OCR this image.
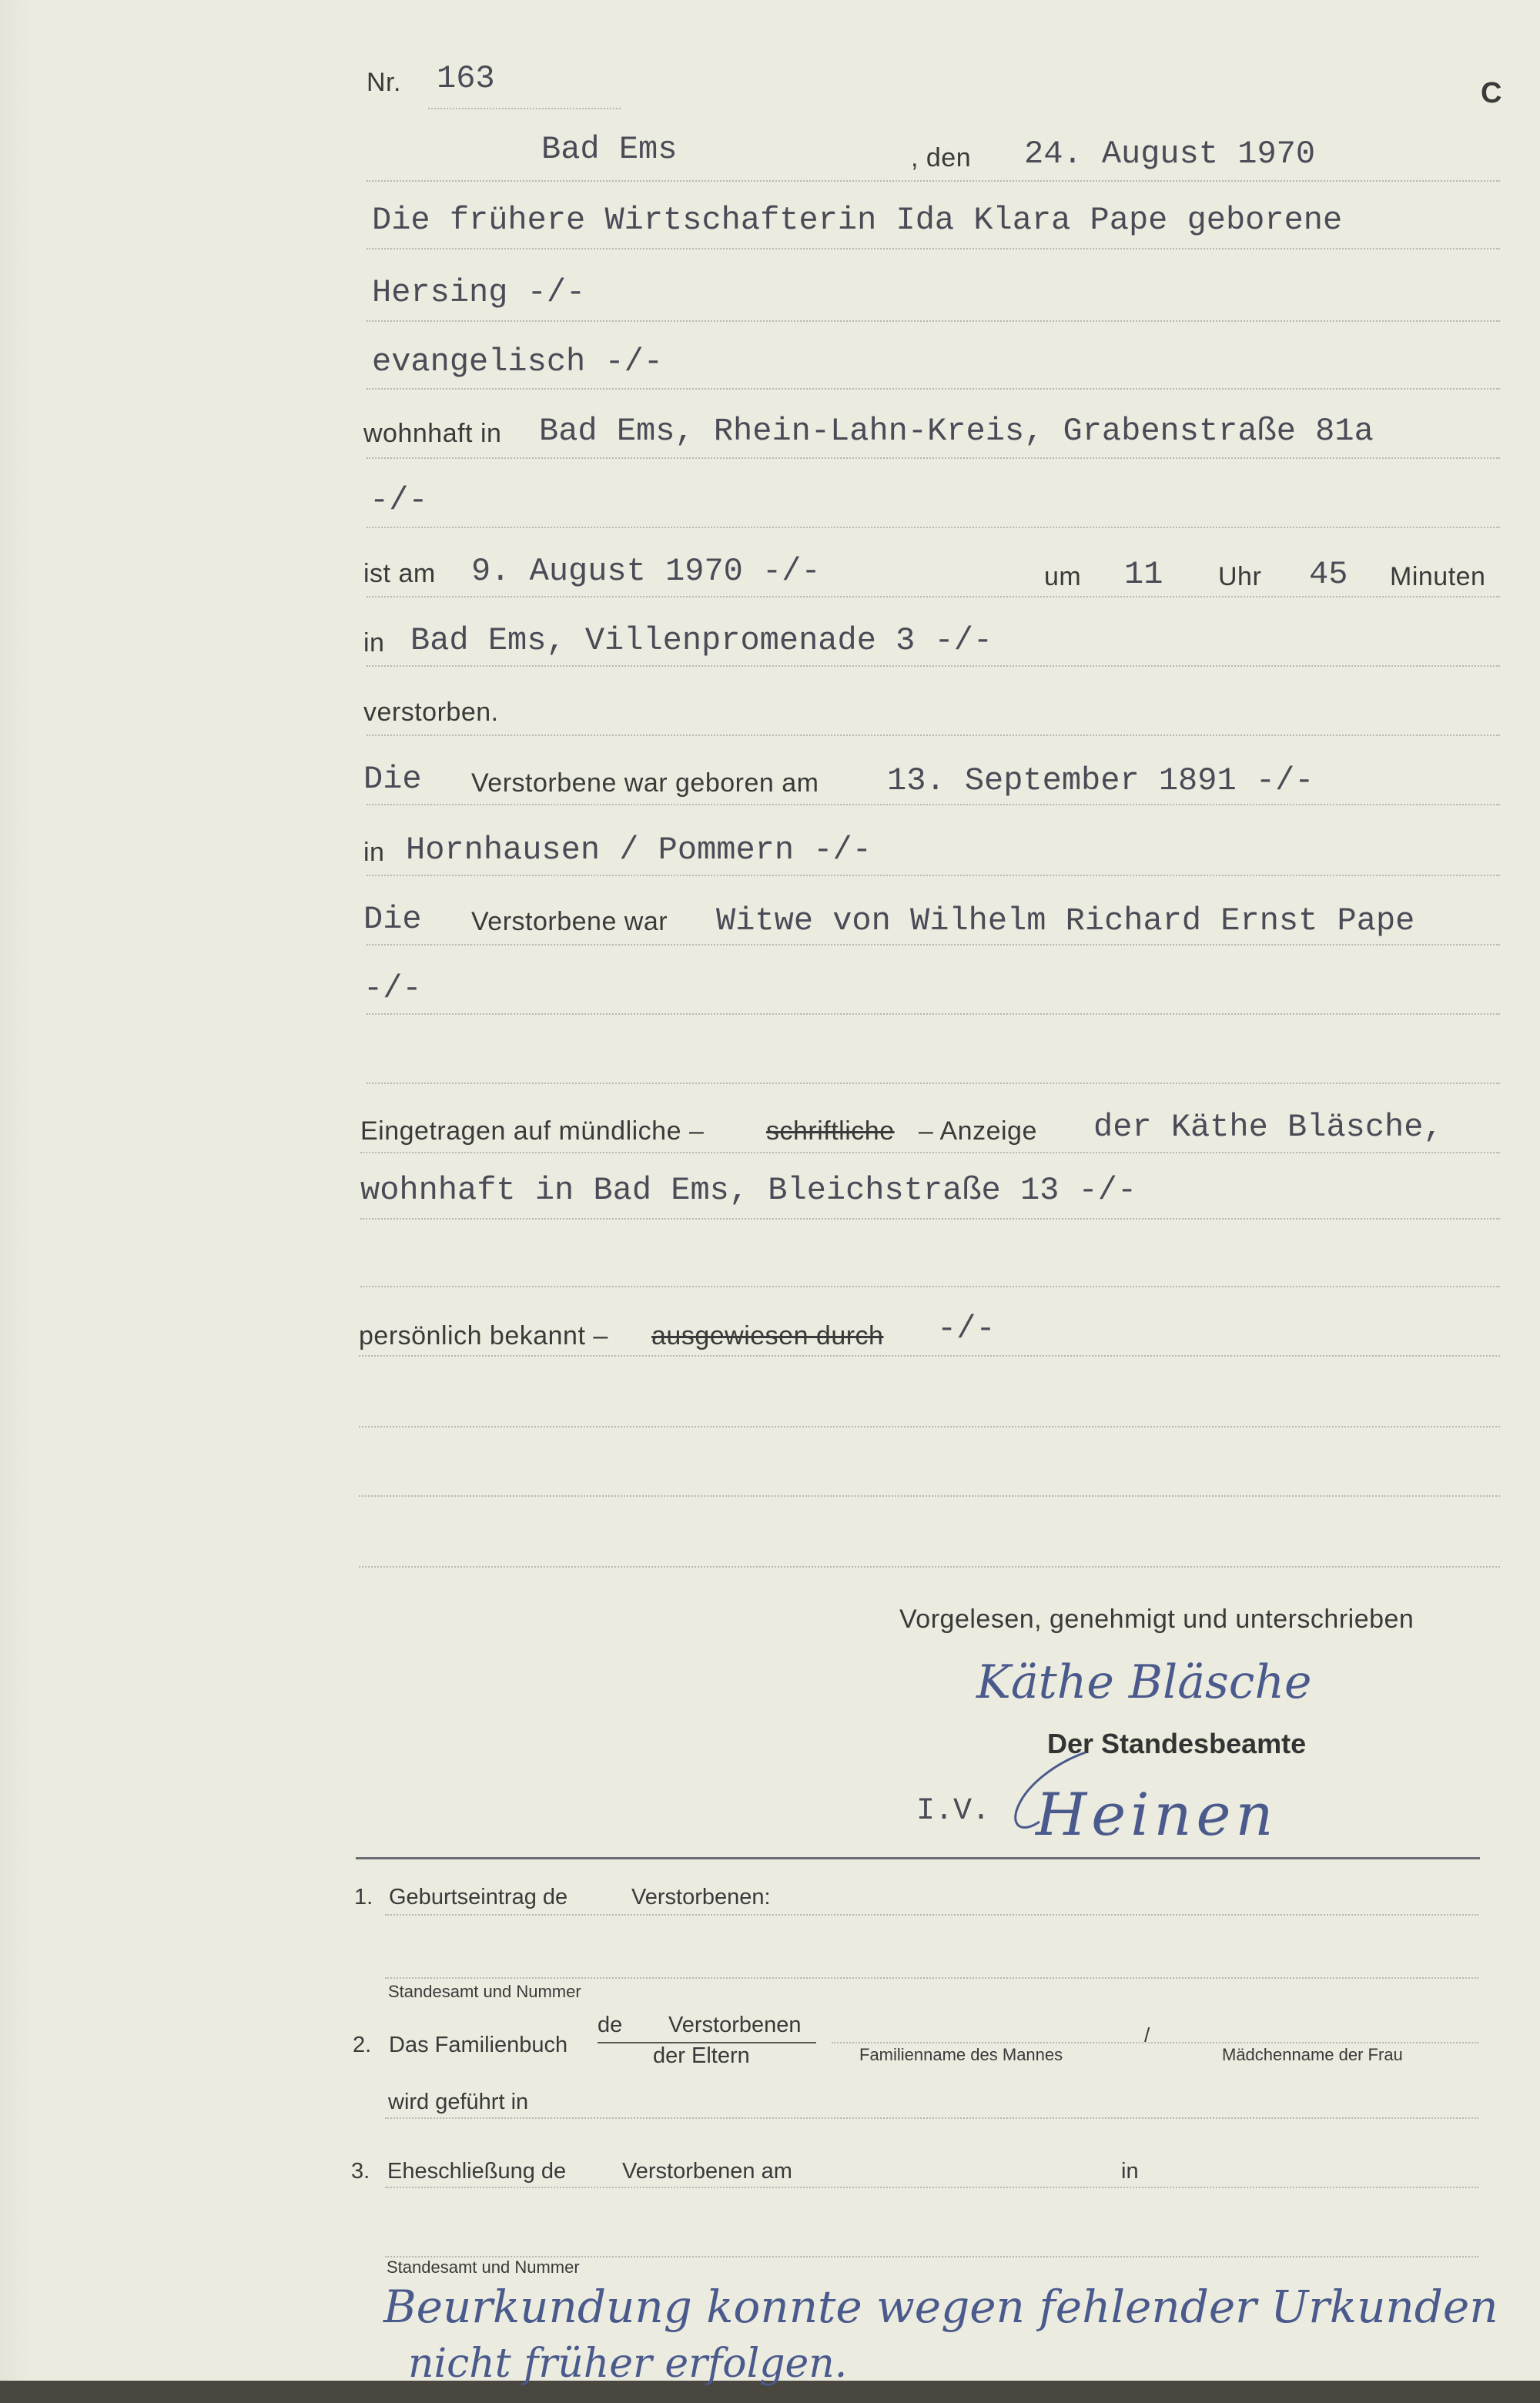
Nr. 163	C
Bad Ems	, den 24. August 1970
Die frühere Wirtschafterin Ida Klara Pape geborene
Hersing -/-
evangelisch -/-
wohnhaft in Bad Ems, Rhein-Lahn-Kreis, Grabenstraße 81a
-/-
ist am 9. August 1970 -/-	um 11 Uhr 45 Minuten
in Bad Ems, Villenpromenade 3 -/-
verstorben.
Die Verstorbene war geboren am 13. September 1891 -/-
in Hornhausen / Pommern -/-
Die Verstorbene war Witwe von Wilhelm Richard Ernst Pape
-/-
Eingetragen auf mündliche – schriftliche – Anzeige der Käthe Bläsche,
wohnhaft in Bad Ems, Bleichstraße 13 -/-
persönlich bekannt – ausgewiesen durch -/-
Vorgelesen, genehmigt und unterschrieben
Käthe Bläsche
Der Standesbeamte
I.V. Heinen
1. Geburtseintrag de	Verstorbenen:
Standesamt und Nummer
2. Das Familienbuch
de Verstorbenen
der Eltern	Familienname des Mannes
/
Mädchenname der Frau
wird geführt in
3. Eheschließung de	Verstorbenen am	in
Standesamt und Nummer
Beurkundung konnte wegen fehlender Urkunden
nicht früher erfolgen.
